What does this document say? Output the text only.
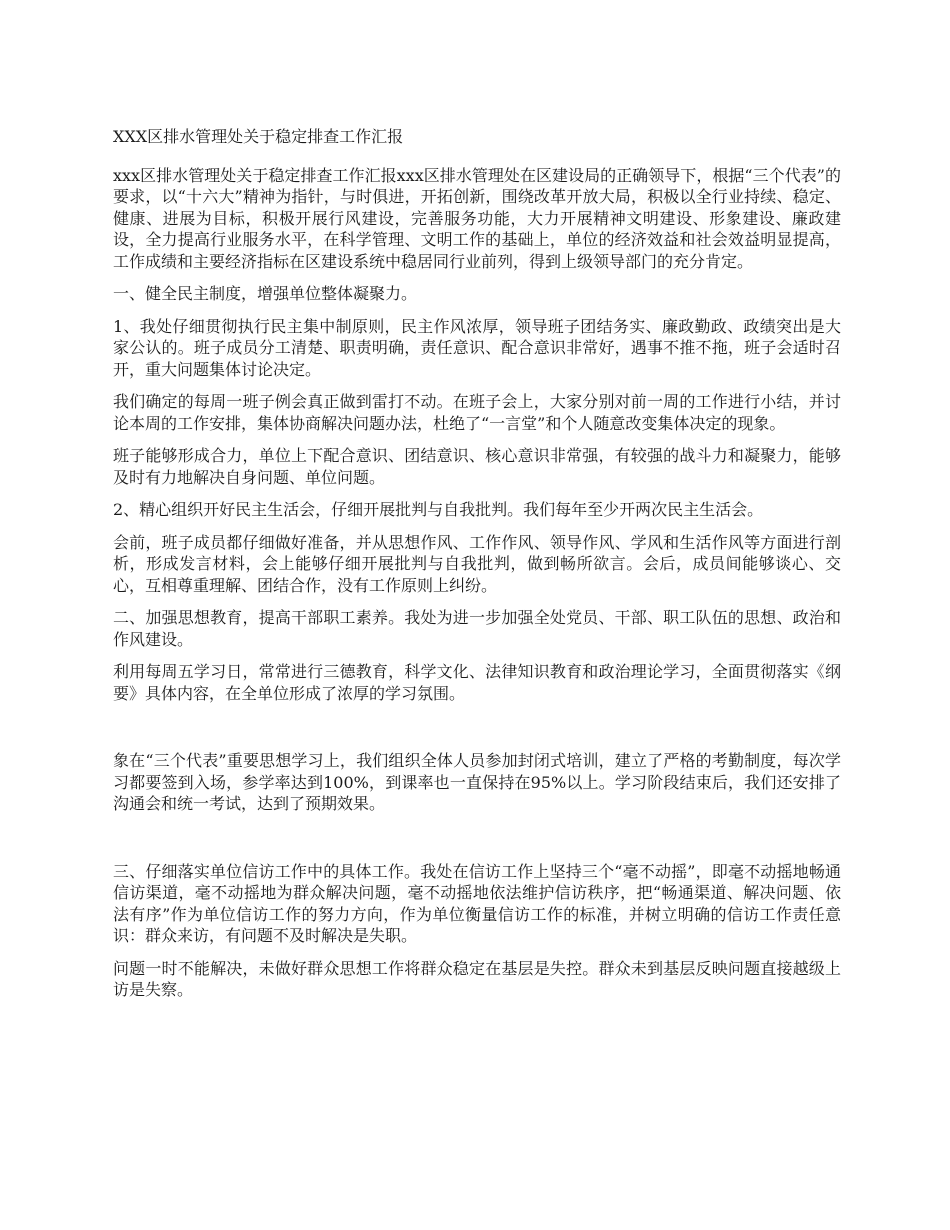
XXX区排水管理处关于稳定排查工作汇报

xxx区排水管理处关于稳定排查工作汇报xxx区排水管理处在区建设局的正确领导下，根据“三个代表”的要求，以“十六大”精神为指针，与时俱进，开拓创新，围绕改革开放大局，积极以全行业持续、稳定、健康、进展为目标，积极开展行风建设，完善服务功能，大力开展精神文明建设、形象建设、廉政建设，全力提高行业服务水平，在科学管理、文明工作的基础上，单位的经济效益和社会效益明显提高，工作成绩和主要经济指标在区建设系统中稳居同行业前列，得到上级领导部门的充分肯定。

一、健全民主制度，增强单位整体凝聚力。

1、我处仔细贯彻执行民主集中制原则，民主作风浓厚，领导班子团结务实、廉政勤政、政绩突出是大家公认的。班子成员分工清楚、职责明确，责任意识、配合意识非常好，遇事不推不拖，班子会适时召开，重大问题集体讨论决定。

我们确定的每周一班子例会真正做到雷打不动。在班子会上，大家分别对前一周的工作进行小结，并讨论本周的工作安排，集体协商解决问题办法，杜绝了“一言堂”和个人随意改变集体决定的现象。

班子能够形成合力，单位上下配合意识、团结意识、核心意识非常强，有较强的战斗力和凝聚力，能够及时有力地解决自身问题、单位问题。

2、精心组织开好民主生活会，仔细开展批判与自我批判。我们每年至少开两次民主生活会。

会前，班子成员都仔细做好准备，并从思想作风、工作作风、领导作风、学风和生活作风等方面进行剖析，形成发言材料，会上能够仔细开展批判与自我批判，做到畅所欲言。会后，成员间能够谈心、交心，互相尊重理解、团结合作，没有工作原则上纠纷。

二、加强思想教育，提高干部职工素养。我处为进一步加强全处党员、干部、职工队伍的思想、政治和作风建设。

利用每周五学习日，常常进行三德教育，科学文化、法律知识教育和政治理论学习，全面贯彻落实《纲要》具体内容，在全单位形成了浓厚的学习氛围。

象在“三个代表”重要思想学习上，我们组织全体人员参加封闭式培训，建立了严格的考勤制度，每次学习都要签到入场，参学率达到100%，到课率也一直保持在95%以上。学习阶段结束后，我们还安排了沟通会和统一考试，达到了预期效果。

三、仔细落实单位信访工作中的具体工作。我处在信访工作上坚持三个“毫不动摇”，即毫不动摇地畅通信访渠道，毫不动摇地为群众解决问题，毫不动摇地依法维护信访秩序，把“畅通渠道、解决问题、依法有序”作为单位信访工作的努力方向，作为单位衡量信访工作的标准，并树立明确的信访工作责任意识：群众来访，有问题不及时解决是失职。

问题一时不能解决，未做好群众思想工作将群众稳定在基层是失控。群众未到基层反映问题直接越级上访是失察。
